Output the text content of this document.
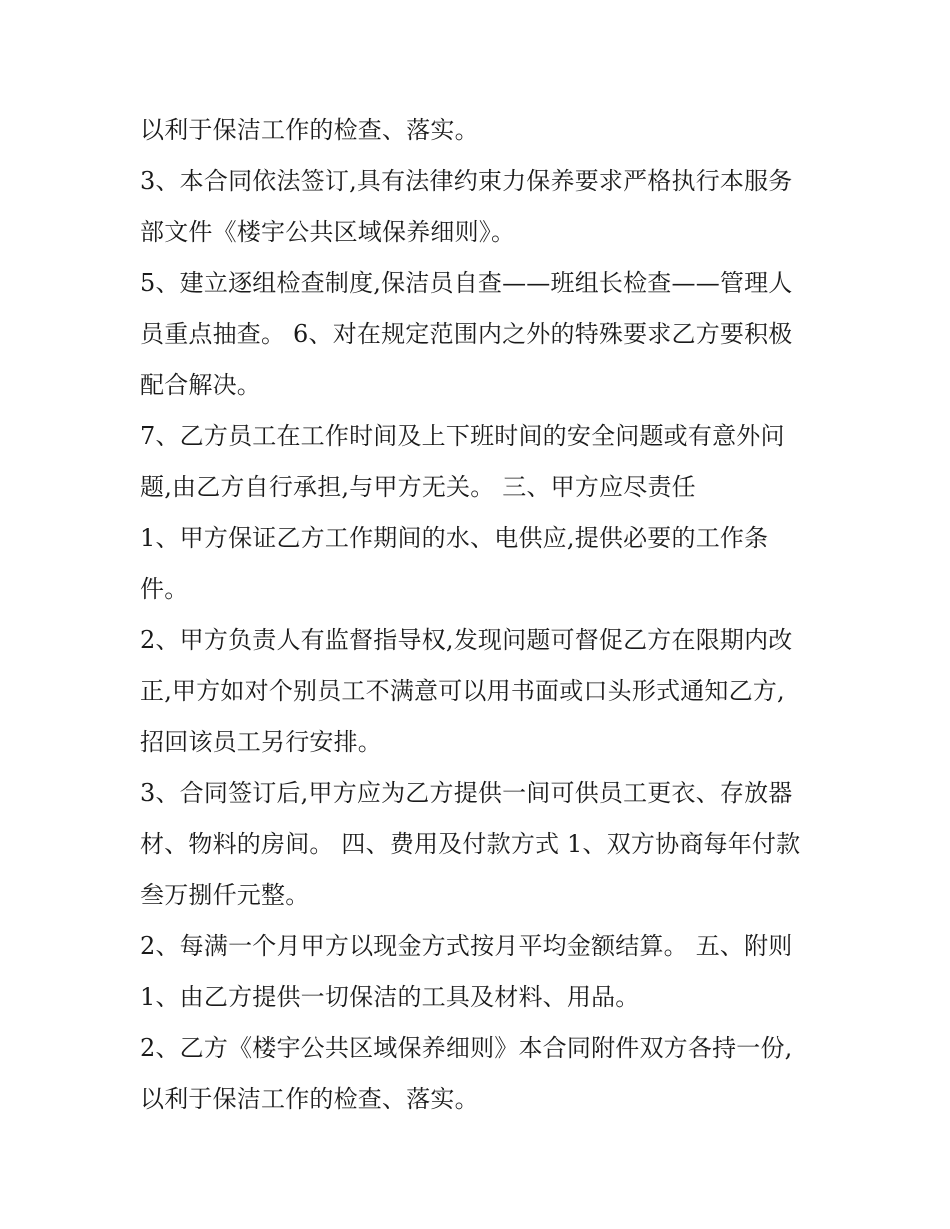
以利于保洁工作的检查、落实。
3、本合同依法签订,具有法律约束力保养要求严格执行本服务
部文件《楼宇公共区域保养细则》。
5、建立逐组检查制度,保洁员自查——班组长检查——管理人
员重点抽查。 6、对在规定范围内之外的特殊要求乙方要积极
配合解决。
7、乙方员工在工作时间及上下班时间的安全问题或有意外问
题,由乙方自行承担,与甲方无关。 三、甲方应尽责任
1、甲方保证乙方工作期间的水、电供应,提供必要的工作条
件。
2、甲方负责人有监督指导权,发现问题可督促乙方在限期内改
正,甲方如对个别员工不满意可以用书面或口头形式通知乙方,
招回该员工另行安排。
3、合同签订后,甲方应为乙方提供一间可供员工更衣、存放器
材、物料的房间。 四、费用及付款方式 1、双方协商每年付款
叁万捌仟元整。
2、每满一个月甲方以现金方式按月平均金额结算。 五、附则
1、由乙方提供一切保洁的工具及材料、用品。
2、乙方《楼宇公共区域保养细则》本合同附件双方各持一份,
以利于保洁工作的检查、落实。
